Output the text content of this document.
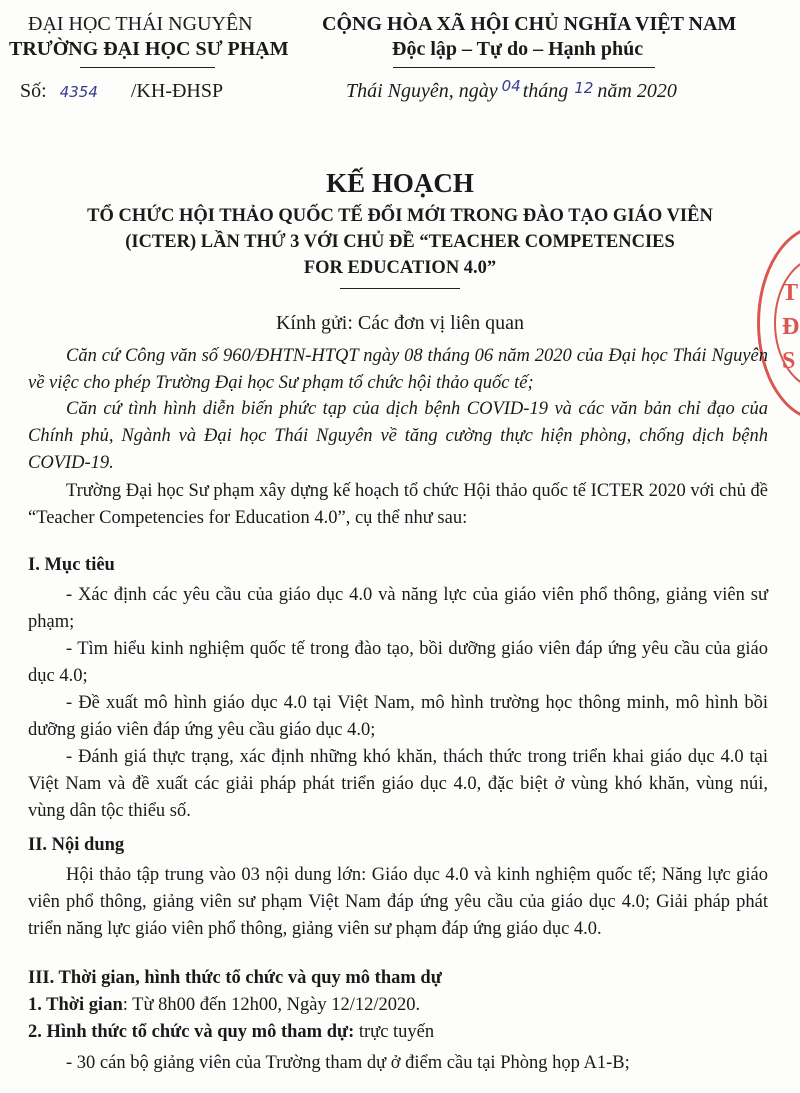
ĐẠI HỌC THÁI NGUYÊN
TRƯỜNG ĐẠI HỌC SƯ PHẠM
Số: 4354 /KH-ĐHSP
CỘNG HÒA XÃ HỘI CHỦ NGHĨA VIỆT NAM
Độc lập – Tự do – Hạnh phúc
Thái Nguyên, ngày $^{04}$ tháng $^{12}$ năm 2020
KẾ HOẠCH
TỔ CHỨC HỘI THẢO QUỐC TẾ ĐỔI MỚI TRONG ĐÀO TẠO GIÁO VIÊN
(ICTER) LẦN THỨ 3 VỚI CHỦ ĐỀ “TEACHER COMPETENCIES
FOR EDUCATION 4.0”
Kính gửi: Các đơn vị liên quan
T
Đ
S
Căn cứ Công văn số 960/ĐHTN-HTQT ngày 08 tháng 06 năm 2020 của Đại học Thái Nguyên về việc cho phép Trường Đại học Sư phạm tổ chức hội thảo quốc tế;
Căn cứ tình hình diễn biến phức tạp của dịch bệnh COVID-19 và các văn bản chỉ đạo của Chính phủ, Ngành và Đại học Thái Nguyên về tăng cường thực hiện phòng, chống dịch bệnh COVID-19.
Trường Đại học Sư phạm xây dựng kế hoạch tổ chức Hội thảo quốc tế ICTER 2020 với chủ đề “Teacher Competencies for Education 4.0”, cụ thể như sau:
I. Mục tiêu
- Xác định các yêu cầu của giáo dục 4.0 và năng lực của giáo viên phổ thông, giảng viên sư phạm;
- Tìm hiểu kinh nghiệm quốc tế trong đào tạo, bồi dưỡng giáo viên đáp ứng yêu cầu của giáo dục 4.0;
- Đề xuất mô hình giáo dục 4.0 tại Việt Nam, mô hình trường học thông minh, mô hình bồi dưỡng giáo viên đáp ứng yêu cầu giáo dục 4.0;
- Đánh giá thực trạng, xác định những khó khăn, thách thức trong triển khai giáo dục 4.0 tại Việt Nam và đề xuất các giải pháp phát triển giáo dục 4.0, đặc biệt ở vùng khó khăn, vùng núi, vùng dân tộc thiểu số.
II. Nội dung
Hội thảo tập trung vào 03 nội dung lớn: Giáo dục 4.0 và kinh nghiệm quốc tế; Năng lực giáo viên phổ thông, giảng viên sư phạm Việt Nam đáp ứng yêu cầu của giáo dục 4.0; Giải pháp phát triển năng lực giáo viên phổ thông, giảng viên sư phạm đáp ứng giáo dục 4.0.
III. Thời gian, hình thức tổ chức và quy mô tham dự
1. Thời gian: Từ 8h00 đến 12h00, Ngày 12/12/2020.
2. Hình thức tổ chức và quy mô tham dự: trực tuyến
- 30 cán bộ giảng viên của Trường tham dự ở điểm cầu tại Phòng họp A1-B;
